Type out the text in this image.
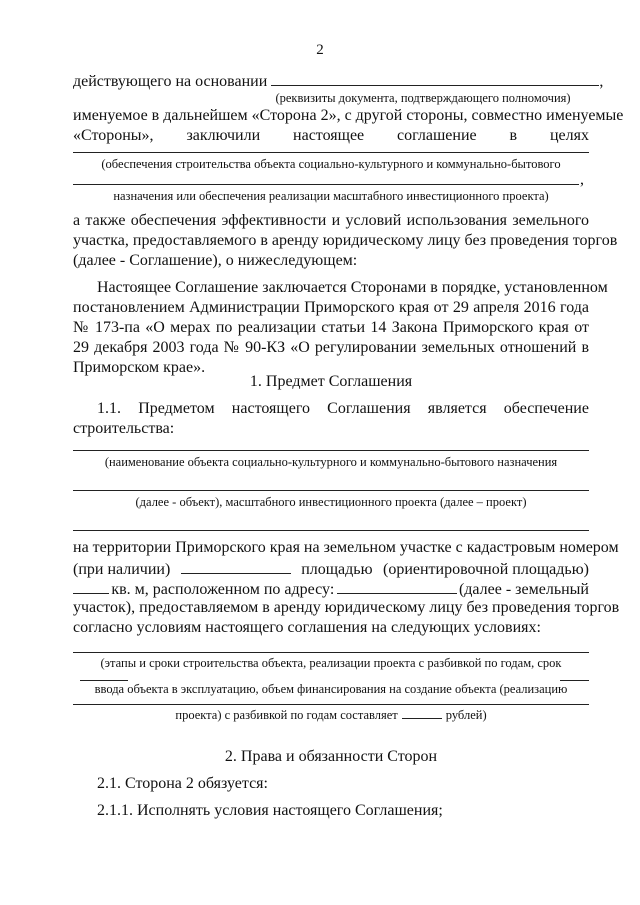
2
действующего на основании	,
(реквизиты документа, подтверждающего полномочия)
именуемое в дальнейшем «Сторона 2», с другой стороны, совместно именуемые
«Стороны», заключили настоящее соглашение в целях
(обеспечения строительства объекта социально-культурного и коммунально-бытового
,
назначения или обеспечения реализации масштабного инвестиционного проекта)
а также обеспечения эффективности и условий использования земельного
участка, предоставляемого в аренду юридическому лицу без проведения торгов
(далее - Соглашение), о нижеследующем:
Настоящее Соглашение заключается Сторонами в порядке, установленном
постановлением Администрации Приморского края от 29 апреля 2016 года
№ 173-па «О мерах по реализации статьи 14 Закона Приморского края от
29 декабря 2003 года № 90-КЗ «О регулировании земельных отношений в
Приморском крае».
1. Предмет Соглашения
1.1. Предметом настоящего Соглашения является обеспечение
строительства:
(наименование объекта социально-культурного и коммунально-бытового назначения
(далее - объект), масштабного инвестиционного проекта (далее – проект)
на территории Приморского края на земельном участке с кадастровым номером
(при наличии)	площадью (ориентировочной площадью)
кв. м, расположенном по адресу:	(далее - земельный
участок), предоставляемом в аренду юридическому лицу без проведения торгов
согласно условиям настоящего соглашения на следующих условиях:
(этапы и сроки строительства объекта, реализации проекта с разбивкой по годам, срок
ввода объекта в эксплуатацию, объем финансирования на создание объекта (реализацию
проекта) с разбивкой по годам составляет	рублей)
2. Права и обязанности Сторон
2.1. Сторона 2 обязуется:
2.1.1. Исполнять условия настоящего Соглашения;
